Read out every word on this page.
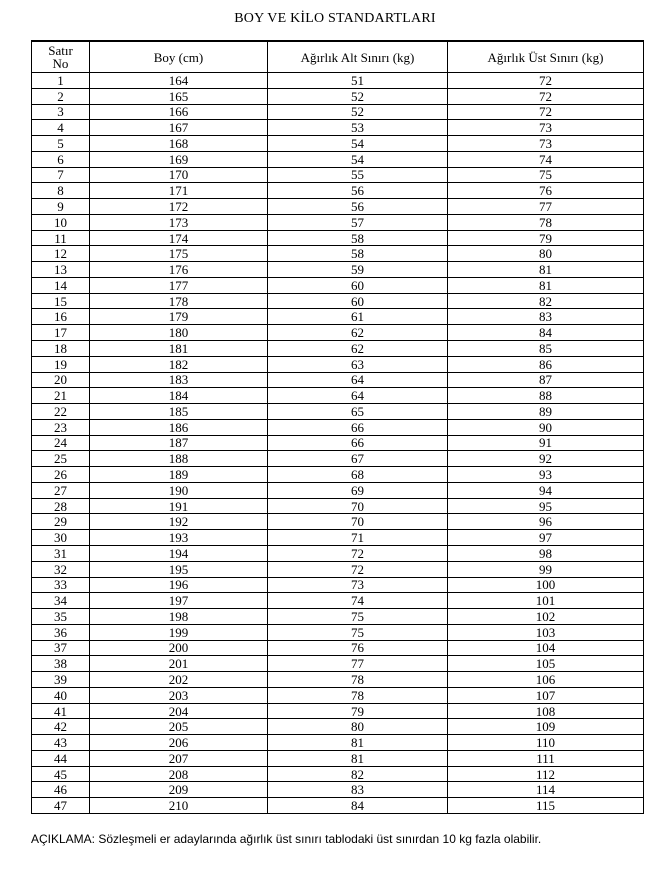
BOY VE KİLO STANDARTLARI
Satır
No	Boy (cm)	Ağırlık Alt Sınırı (kg)	Ağırlık Üst Sınırı (kg)
1	164	51	72
2	165	52	72
3	166	52	72
4	167	53	73
5	168	54	73
6	169	54	74
7	170	55	75
8	171	56	76
9	172	56	77
10	173	57	78
11	174	58	79
12	175	58	80
13	176	59	81
14	177	60	81
15	178	60	82
16	179	61	83
17	180	62	84
18	181	62	85
19	182	63	86
20	183	64	87
21	184	64	88
22	185	65	89
23	186	66	90
24	187	66	91
25	188	67	92
26	189	68	93
27	190	69	94
28	191	70	95
29	192	70	96
30	193	71	97
31	194	72	98
32	195	72	99
33	196	73	100
34	197	74	101
35	198	75	102
36	199	75	103
37	200	76	104
38	201	77	105
39	202	78	106
40	203	78	107
41	204	79	108
42	205	80	109
43	206	81	110
44	207	81	111
45	208	82	112
46	209	83	114
47	210	84	115
AÇIKLAMA: Sözleşmeli er adaylarında ağırlık üst sınırı tablodaki üst sınırdan 10 kg fazla olabilir.
